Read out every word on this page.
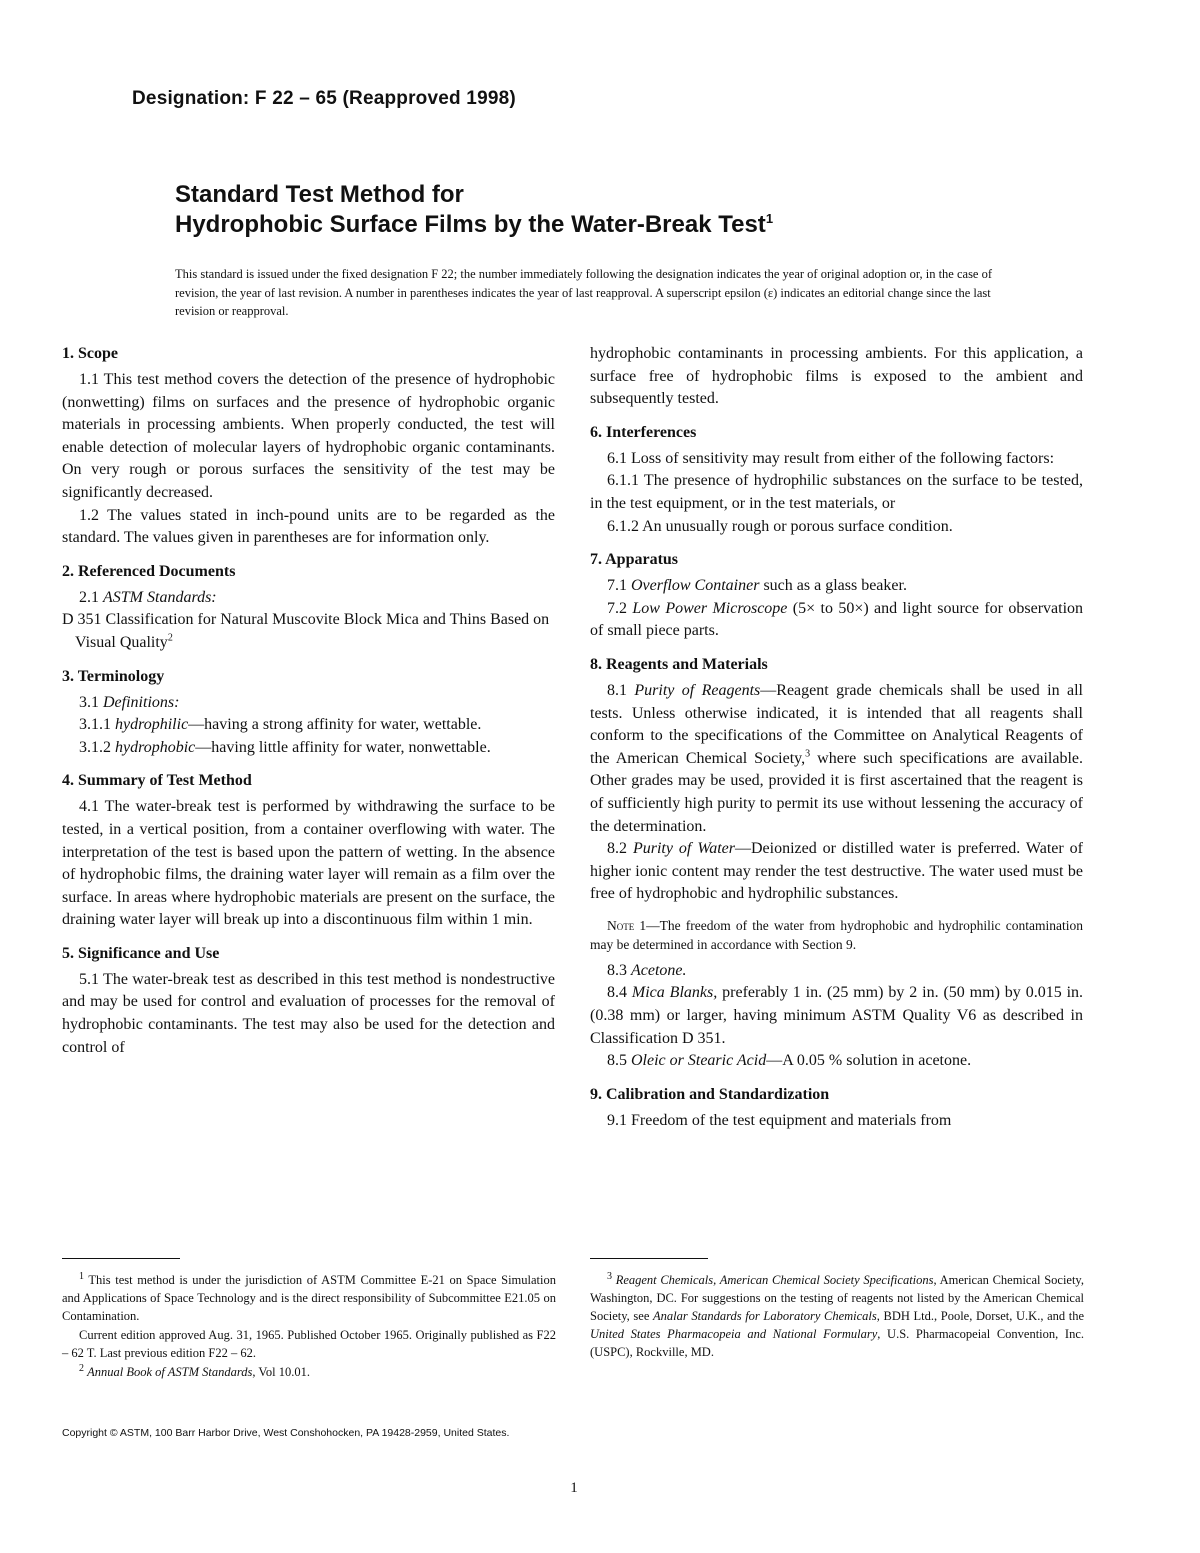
Designation: F 22 – 65 (Reapproved 1998)
Standard Test Method for
Hydrophobic Surface Films by the Water-Break Test$^1$
This standard is issued under the fixed designation F 22; the number immediately following the designation indicates the year of original adoption or, in the case of revision, the year of last revision. A number in parentheses indicates the year of last reapproval. A superscript epsilon (ε) indicates an editorial change since the last revision or reapproval.
1. Scope

1.1 This test method covers the detection of the presence of hydrophobic (nonwetting) films on surfaces and the presence of hydrophobic organic materials in processing ambients. When properly conducted, the test will enable detection of molecular layers of hydrophobic organic contaminants. On very rough or porous surfaces the sensitivity of the test may be significantly decreased.

1.2 The values stated in inch-pound units are to be regarded as the standard. The values given in parentheses are for information only.

2. Referenced Documents

2.1 ASTM Standards:

D 351 Classification for Natural Muscovite Block Mica and Thins Based on Visual Quality$^2$

3. Terminology

3.1 Definitions:

3.1.1 hydrophilic—having a strong affinity for water, wettable.

3.1.2 hydrophobic—having little affinity for water, nonwettable.

4. Summary of Test Method

4.1 The water-break test is performed by withdrawing the surface to be tested, in a vertical position, from a container overflowing with water. The interpretation of the test is based upon the pattern of wetting. In the absence of hydrophobic films, the draining water layer will remain as a film over the surface. In areas where hydrophobic materials are present on the surface, the draining water layer will break up into a discontinuous film within 1 min.

5. Significance and Use

5.1 The water-break test as described in this test method is nondestructive and may be used for control and evaluation of processes for the removal of hydrophobic contaminants. The test may also be used for the detection and control of

hydrophobic contaminants in processing ambients. For this application, a surface free of hydrophobic films is exposed to the ambient and subsequently tested.

6. Interferences

6.1 Loss of sensitivity may result from either of the following factors:

6.1.1 The presence of hydrophilic substances on the surface to be tested, in the test equipment, or in the test materials, or

6.1.2 An unusually rough or porous surface condition.

7. Apparatus

7.1 Overflow Container such as a glass beaker.

7.2 Low Power Microscope (5× to 50×) and light source for observation of small piece parts.

8. Reagents and Materials

8.1 Purity of Reagents—Reagent grade chemicals shall be used in all tests. Unless otherwise indicated, it is intended that all reagents shall conform to the specifications of the Committee on Analytical Reagents of the American Chemical Society,$^3$ where such specifications are available. Other grades may be used, provided it is first ascertained that the reagent is of sufficiently high purity to permit its use without lessening the accuracy of the determination.

8.2 Purity of Water—Deionized or distilled water is preferred. Water of higher ionic content may render the test destructive. The water used must be free of hydrophobic and hydrophilic substances.

Note 1—The freedom of the water from hydrophobic and hydrophilic contamination may be determined in accordance with Section 9.

8.3 Acetone.

8.4 Mica Blanks, preferably 1 in. (25 mm) by 2 in. (50 mm) by 0.015 in. (0.38 mm) or larger, having minimum ASTM Quality V6 as described in Classification D 351.

8.5 Oleic or Stearic Acid—A 0.05 % solution in acetone.

9. Calibration and Standardization

9.1 Freedom of the test equipment and materials from

$^1$ This test method is under the jurisdiction of ASTM Committee E-21 on Space Simulation and Applications of Space Technology and is the direct responsibility of Subcommittee E21.05 on Contamination.

Current edition approved Aug. 31, 1965. Published October 1965. Originally published as F22 – 62 T. Last previous edition F22 – 62.

$^2$ Annual Book of ASTM Standards, Vol 10.01.

$^3$ Reagent Chemicals, American Chemical Society Specifications, American Chemical Society, Washington, DC. For suggestions on the testing of reagents not listed by the American Chemical Society, see Analar Standards for Laboratory Chemicals, BDH Ltd., Poole, Dorset, U.K., and the United States Pharmacopeia and National Formulary, U.S. Pharmacopeial Convention, Inc. (USPC), Rockville, MD.

Copyright © ASTM, 100 Barr Harbor Drive, West Conshohocken, PA 19428-2959, United States.
1
